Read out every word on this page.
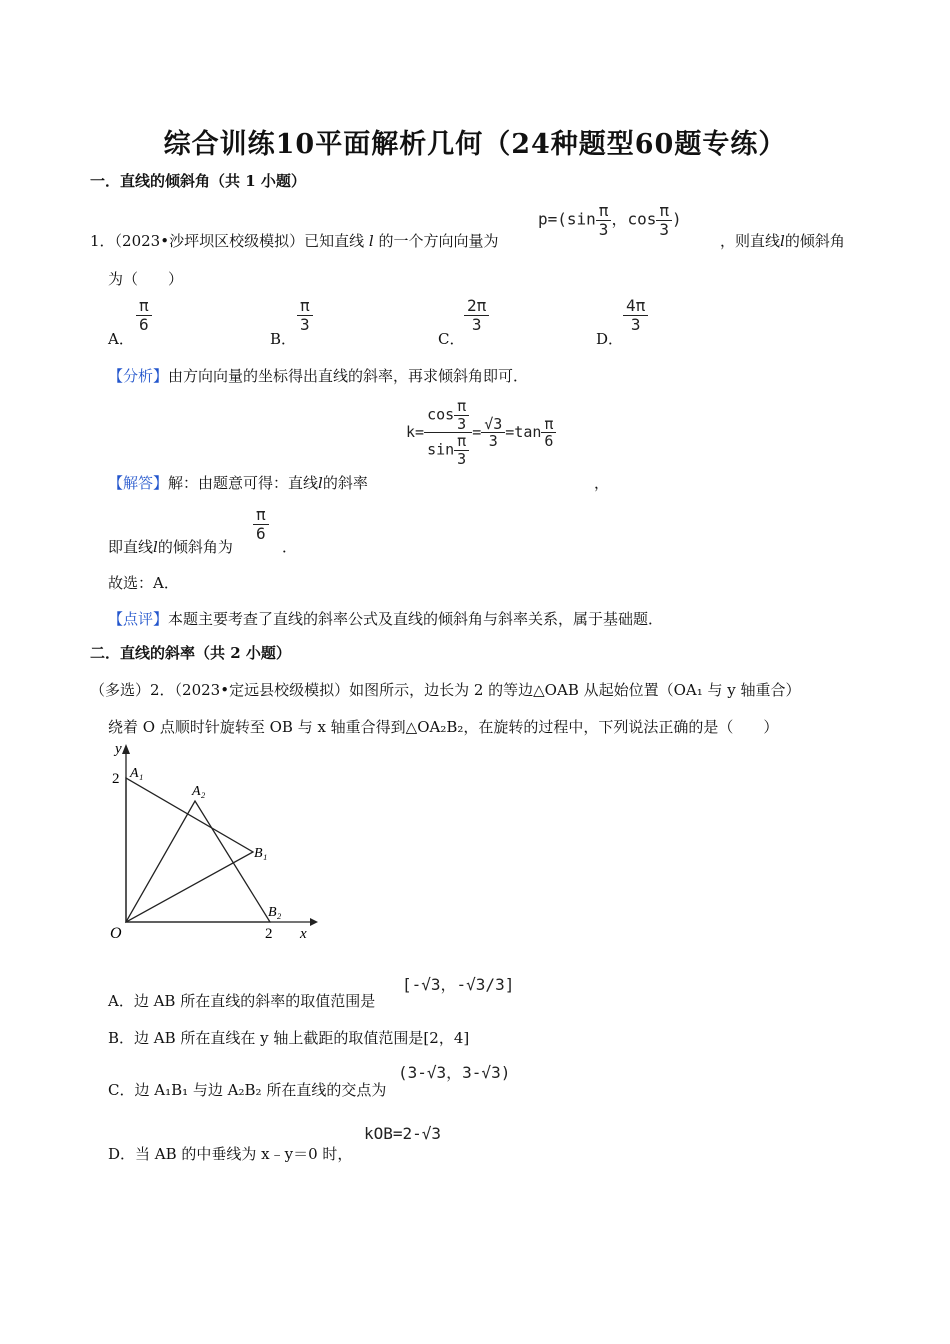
综合训练10平面解析几何（24种题型60题专练）
一．直线的倾斜角（共 1 小题）
1．（2023•沙坪坝区校级模拟）已知直线 l 的一个方向向量为
$p=(\sin \frac{\pi}{3}$ ，$\cos \frac{\pi}{3}$ )
，则直线l的倾斜角
为（　　）
A．
$\frac{\pi}{6}$
B．
$\frac{\pi}{3}$
C．
$\frac{2\pi}{3}$
D．
$\frac{4\pi}{3}$
【分析】由方向向量的坐标得出直线的斜率，再求倾斜角即可．
$k= \frac{\cos \frac{\pi}{3}}{\sin \frac{\pi}{3}} = \frac{√3}{3} =\tan \frac{\pi}{6}$
【解答】解：由题意可得：直线l的斜率	，
即直线l的倾斜角为
$\frac{\pi}{6}$
．
故选：A．
【点评】本题主要考查了直线的斜率公式及直线的倾斜角与斜率关系，属于基础题．
二．直线的斜率（共 2 小题）
（多选）2．（2023•定远县校级模拟）如图所示，边长为 2 的等边△OAB 从起始位置（OA₁ 与 y 轴重合）
绕着 O 点顺时针旋转至 OB 与 x 轴重合得到△OA₂B₂，在旋转的过程中，下列说法正确的是（　　）
y
x
O
2
2
A₁
A₂
B₁
B₂
A．边 AB 所在直线的斜率的取值范围是
[-√3，-√3/3]
B．边 AB 所在直线在 y 轴上截距的取值范围是[2，4]
C．边 A₁B₁ 与边 A₂B₂ 所在直线的交点为
(3-√3，3-√3)
D．当 AB 的中垂线为 x﹣y＝0 时，
kOB=2-√3
